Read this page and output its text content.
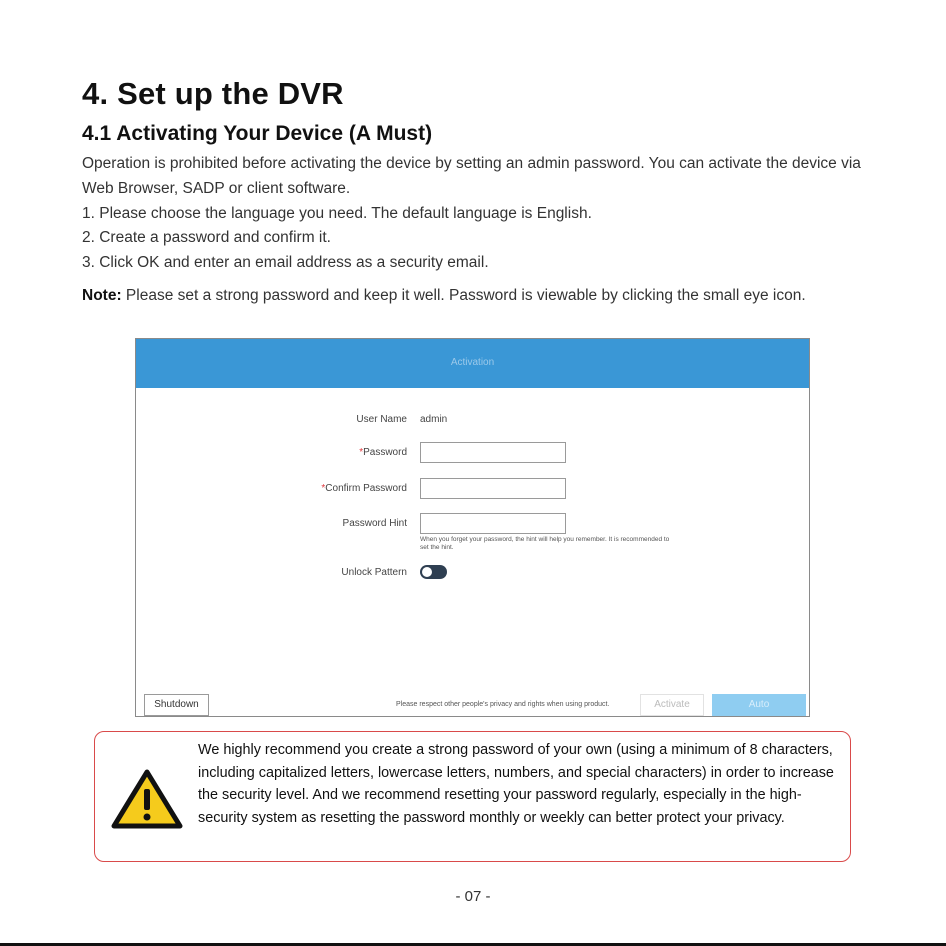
4. Set up the DVR
4.1 Activating Your Device (A Must)
Operation is prohibited before activating the device by setting an admin password. You can activate the device via Web Browser, SADP or client software.
1. Please choose the language you need. The default language is English.
2. Create a password and confirm it.
3. Click OK and enter an email address as a security email.
Note: Please set a strong password and keep it well. Password is viewable by clicking the small eye icon.
Activation
User Name admin
*Password
*Confirm Password
Password Hint
When you forget your password, the hint will help you remember. It is recommended to set the hint.
Unlock Pattern
Shutdown	Please respect other people's privacy and rights when using product.	Activate	Auto
We highly recommend you create a strong password of your own (using a minimum of 8 characters, including capitalized letters, lowercase letters, numbers, and special characters) in order to increase the security level. And we recommend resetting your password regularly, especially in the high-security system as resetting the password monthly or weekly can better protect your privacy.
- 07 -
